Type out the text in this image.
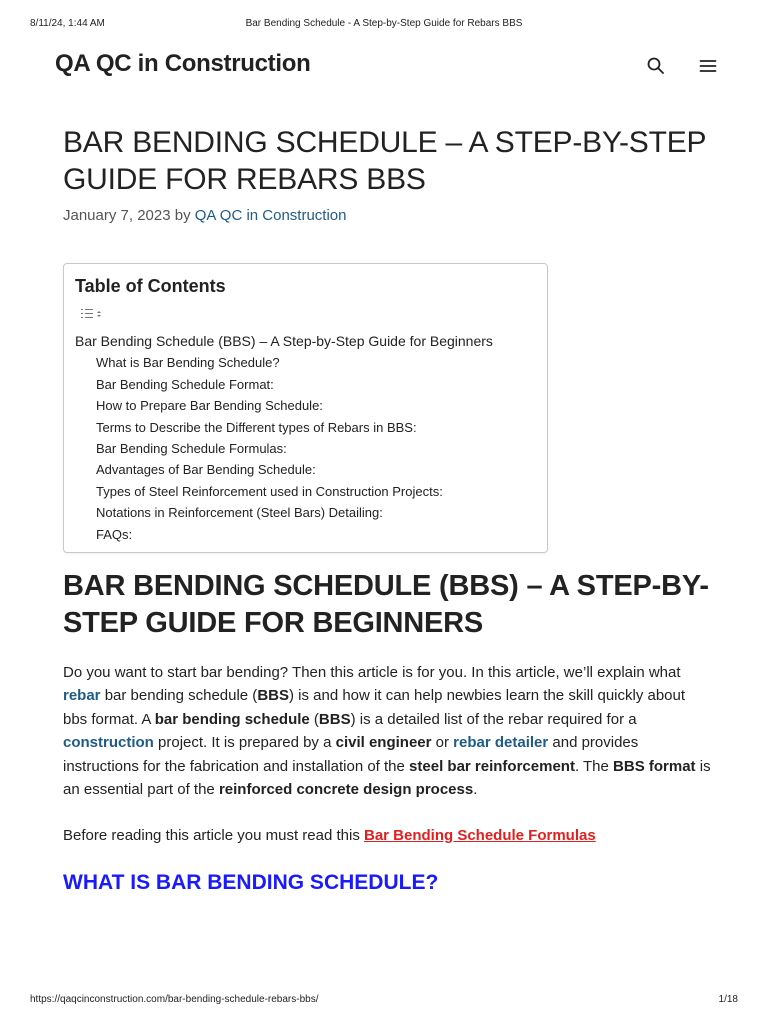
8/11/24, 1:44 AM	Bar Bending Schedule - A Step-by-Step Guide for Rebars BBS
QA QC in Construction
BAR BENDING SCHEDULE – A STEP-BY-STEP GUIDE FOR REBARS BBS
January 7, 2023 by QA QC in Construction
Table of Contents
Bar Bending Schedule (BBS) – A Step-by-Step Guide for Beginners
What is Bar Bending Schedule?
Bar Bending Schedule Format:
How to Prepare Bar Bending Schedule:
Terms to Describe the Different types of Rebars in BBS:
Bar Bending Schedule Formulas:
Advantages of Bar Bending Schedule:
Types of Steel Reinforcement used in Construction Projects:
Notations in Reinforcement (Steel Bars) Detailing:
FAQs:
BAR BENDING SCHEDULE (BBS) – A STEP-BY-STEP GUIDE FOR BEGINNERS

Do you want to start bar bending? Then this article is for you. In this article, we’ll explain what rebar bar bending schedule (BBS) is and how it can help newbies learn the skill quickly about bbs format. A bar bending schedule (BBS) is a detailed list of the rebar required for a construction project. It is prepared by a civil engineer or rebar detailer and provides instructions for the fabrication and installation of the steel bar reinforcement. The BBS format is an essential part of the reinforced concrete design process.

Before reading this article you must read this Bar Bending Schedule Formulas

WHAT IS BAR BENDING SCHEDULE?
https://qaqcinconstruction.com/bar-bending-schedule-rebars-bbs/	1/18
